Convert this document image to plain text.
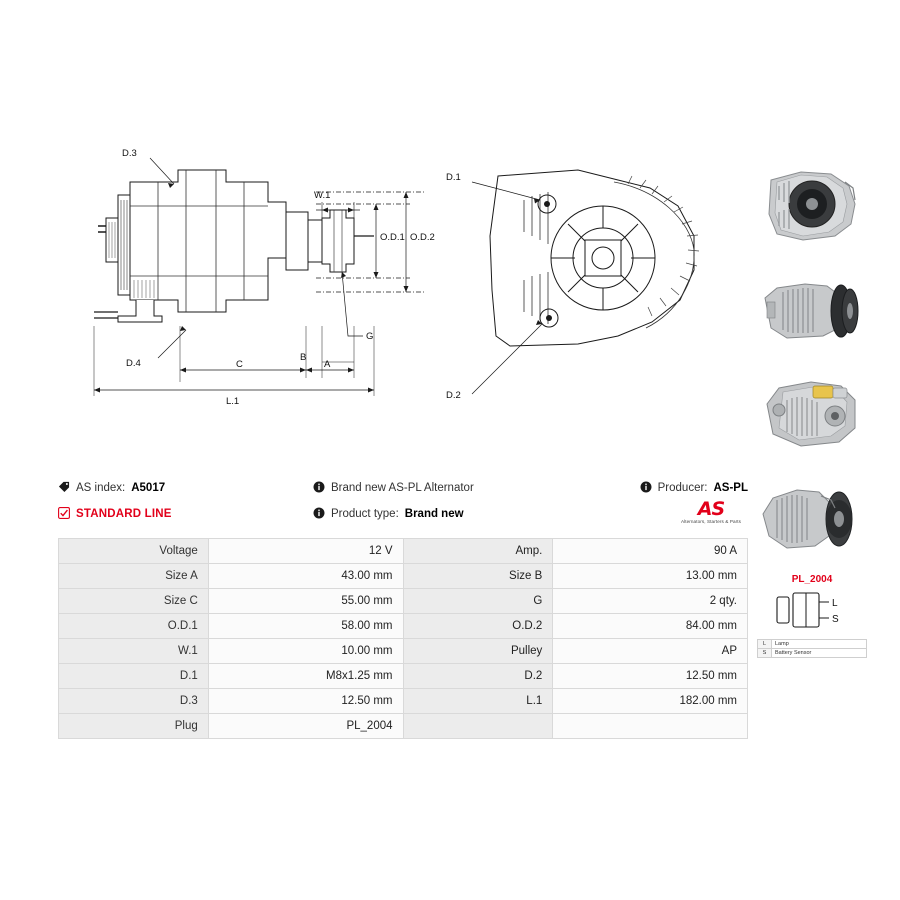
D.3
W.1
O.D.1 O.D.2
G
D.4	C	A
B
L.1
D.1
D.2
AS index: A5017
STANDARD LINE
Brand new AS-PL Alternator
Product type: Brand new
Producer: AS-PL
AS
Alternators, Starters & Parts
Voltage	12 V	Amp.	90 A
Size A	43.00 mm	Size B	13.00 mm
Size C	55.00 mm	G	2 qty.
O.D.1	58.00 mm	O.D.2	84.00 mm
W.1	10.00 mm	Pulley	AP
D.1	M8x1.25 mm	D.2	12.50 mm
D.3	12.50 mm	L.1	182.00 mm
Plug	PL_2004		
PL_2004
L
S
L	Lamp
S	Battery Sensor
